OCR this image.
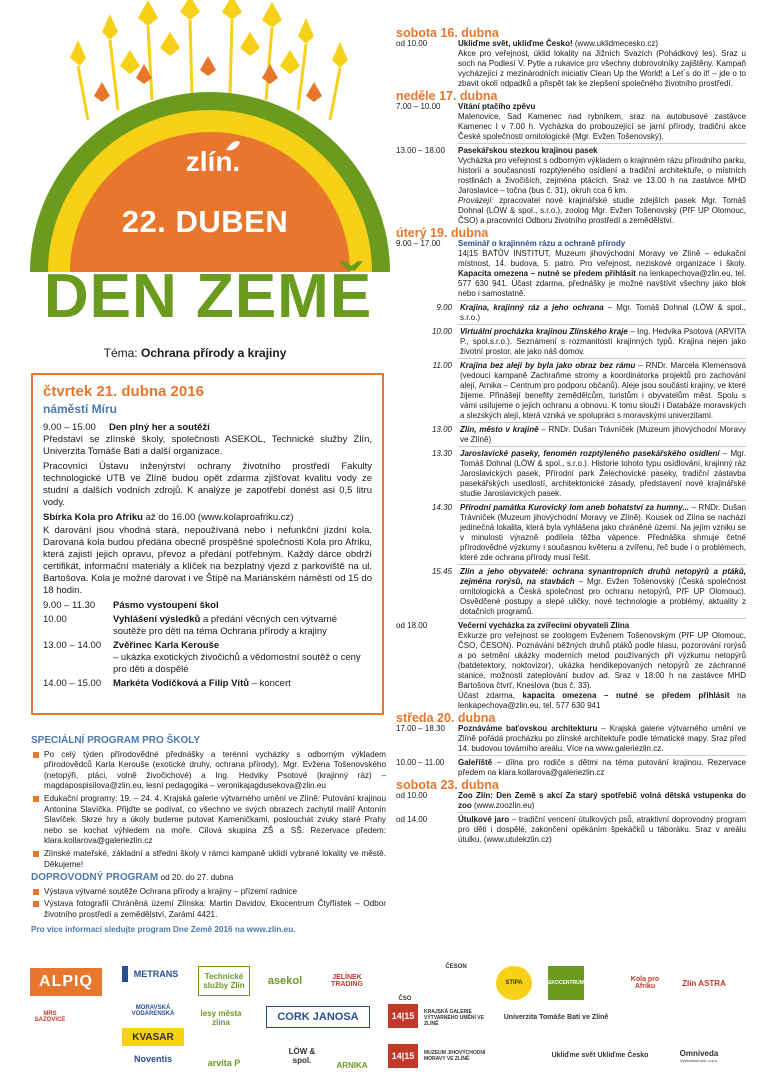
zlín.
22. DUBEN
DEN ZEMĚ
Téma: Ochrana přírody a krajiny
čtvrtek 21. dubna 2016
náměstí Míru
9.00 – 15.00	Den plný her a soutěží

Představí se zlínské školy, společnosti ASEKOL, Technické služby Zlín, Univerzita Tomáše Bati a další organizace.

Pracovníci Ústavu inženýrství ochrany životního prostředí Fakulty technologické UTB ve Zlíně budou opět zdarma zjišťovat kvalitu vody ze studní a dalších vodních zdrojů. K analýze je zapotřebí donést asi 0,5 litru vody.

Sbírka Kola pro Afriku až do 16.00 (www.kolaproafriku.cz)

K darování jsou vhodná stará, nepoužívaná nebo i nefunkční jízdní kola. Darovaná kola budou předána obecně prospěšné společnosti Kola pro Afriku, která zajistí jejich opravu, převoz a předání potřebným. Každý dárce obdrží certifikát, informační materiály a klíček na bezplatný vjezd z parkoviště na ul. Bartošova. Kola je možné darovat i ve Štípě na Mariánském náměstí od 15 do 18 hodin.

9.00 – 11.30	Pásmo vystoupení škol
10.00	Vyhlášení výsledků a předání věcných cen výtvarné soutěže pro děti na téma Ochrana přírody a krajiny
13.00 – 14.00	Zvěřinec Karla Kerouše
– ukázka exotických živočichů a vědomostní soutěž o ceny pro děti a dospělé
14.00 – 15.00	Markéta Vodičková a Filip Vítů – koncert
SPECIÁLNÍ PROGRAM PRO ŠKOLY
Po celý týden přírodovědné přednášky a terénní vycházky s odborným výkladem přírodovědců Karla Kerouše (exotické druhy, ochrana přírody), Mgr. Evžena Tošenovského (netopýři, ptáci, volně živočichové) a Ing. Hedviky Psotové (krajinný ráz) – magdapospisilova@zlin.eu, lesní pedagogika – veronikajagdusekova@zlin.eu
Edukační programy: 19. – 24. 4. Krajská galerie výtvarného umění ve Zlíně: Putování krajinou Antonína Slavíčka. Přijďte se podívat, co všechno ve svých obrazech zachytil malíř Antonín Slavíček. Skrze hry a úkoly budeme putovat Kameničkami, poslouchat zvuky staré Prahy nebo se kochat výhledem na moře. Cílová skupina ZŠ a SŠ. Rezervace předem: klara.kollarova@galeriezlin.cz
Zlínské mateřské, základní a střední školy v rámci kampaně uklidí vybrané lokality ve městě. Děkujeme!
DOPROVODNÝ PROGRAM od 20. do 27. dubna
Výstava výtvarné soutěže Ochrana přírody a krajiny – přízemí radnice
Výstava fotografií Chráněná území Zlínska: Martin Davidov, Ekocentrum Čtyřlístek – Odbor životního prostředí a zemědělství, Zarámí 4421.
Pro více informací sledujte program Dne Země 2016 na www.zlin.eu.
sobota 16. dubna
od 10.00	Ukliďme svět, ukliďme Česko! (www.uklidmecesko.cz)
Akce pro veřejnost, úklid lokality na Jižních Svazích (Pohádkový les). Sraz u soch na Podlesí V. Pytle a rukavice pro všechny dobrovolníky zajištěny. Kampaň vycházející z mezinárodních iniciativ Clean Up the World! a Let´s do it! – jde o to zbavit okolí odpadků a přispět tak ke zlepšení společného životního prostředí.
neděle 17. dubna
7.00 – 10.00	Vítání ptačího zpěvu
Malenovice, Sad Kamenec nad rybníkem, sraz na autobusové zastávce Kamenec I v 7.00 h. Vycházka do probouzející se jarní přírody, tradiční akce České společnosti ornitologické (Mgr. Evžen Tošenovský).
13.00 – 18.00	Pasekářskou stezkou krajinou pasek
Vycházka pro veřejnost s odborným výkladem o krajinném rázu přírodního parku, historii a současnosti rozptýleného osídlení a tradiční architektuře, o místních rostlinách a živočiších, zejména ptácích. Sraz ve 13.00 h na zastávce MHD Jaroslavice – točna (bus č. 31), okruh cca 6 km.
Provázejí: zpracovatel nové krajinářské studie zdejších pasek Mgr. Tomáš Dohnal (LÖW & spol., s.r.o.), zoolog Mgr. Evžen Tošenovský (PřF UP Olomouc, ČSO) a pracovníci Odboru životního prostředí a zemědělství.
úterý 19. dubna
9.00 – 17.00	Seminář o krajinném rázu a ochraně přírody
14|15 BAŤŮV INSTITUT, Muzeum jihovýchodní Moravy ve Zlíně – edukační místnost, 14. budova, 5. patro. Pro veřejnost, neziskové organizace i školy. Kapacita omezena – nutné se předem přihlásit na lenkapechova@zlin.eu, tel. 577 630 941. Účast zdarma, přednášky je možné navštívit všechny jako blok nebo i samostatně.
9.00	Krajina, krajinný ráz a jeho ochrana – Mgr. Tomáš Dohnal (LÖW & spol., s.r.o.)
10.00	Virtuální procházka krajinou Zlínského kraje – Ing. Hedvika Psotová (ARVITA P., spol.s.r.o.). Seznámení s rozmanitostí krajinných typů. Krajina nejen jako životní prostor, ale jako náš domov.
11.00	Krajina bez alejí by byla jako obraz bez rámu – RNDr. Marcela Klemensová (vedoucí kampaně Zachraňme stromy a koordinátorka projektů pro zachování alejí, Arnika – Centrum pro podporu občanů). Aleje jsou součástí krajiny, ve které žijeme. Přinášejí benefity zemědělcům, turistům i obyvatelům měst. Spolu s vámi usilujeme o jejich ochranu a obnovu. K tomu slouží i Databáze moravských a slezských alejí, která vzniká ve spolupráci s moravskými univerzitami.
13.00	Zlín, město v krajině – RNDr. Dušan Trávníček (Muzeum jihovýchodní Moravy ve Zlíně)
13.30	Jaroslavické paseky, fenomén rozptýleného pasekářského osídlení – Mgr. Tomáš Dohnal (LÖW & spol., s.r.o.). Historie tohoto typu osídlování, krajinný ráz Jaroslavických pasek, Přírodní park Želechovické paseky, tradiční zástavba pasekářských usedlostí, architektonické zásady, představení nové krajinářské studie Jaroslavických pasek.
14.30	Přírodní památka Kurovický lom aneb bohatství za humny... – RNDr. Dušan Trávníček (Muzeum jihovýchodní Moravy ve Zlíně). Kousek od Zlína se nachází jedinečná lokalita, která byla vyhlášena jako chráněné území. Na jejím vzniku se v minulosti výrazně podílela těžba vápence. Přednáška shrnuje četné přírodovědné výzkumy i současnou květenu a zvířenu, řeč bude i o problémech, které zde ochrana přírody musí řešit.
15.45	Zlín a jeho obyvatelé: ochrana synantropních druhů netopýrů a ptáků, zejména rorýsů, na stavbách – Mgr. Evžen Tošenovský (Česká společnost ornitologická a Česká společnost pro ochranu netopýrů, PřF UP Olomouc). Osvědčené postupy a slepé uličky, nové technologie a problémy, aktuality z dotačních programů.
od 18.00	Večerní vycházka za zvířecími obyvateli Zlína
Exkurze pro veřejnost se zoologem Evženem Tošenovským (PřF UP Olomouc, ČSO, ČESON). Poznávání běžných druhů ptáků podle hlasu, pozorování rorýsů a po setmění ukázky moderních metod používaných při výzkumu netopýrů (batdetektory, noktovizor), ukázka hendikepovaných netopýrů ze záchranné stanice, možnosti zateplování budov ad. Sraz v 18.00 h na zastávce MHD Bartošova čtvrť, Kneslova (bus č. 33).
Účast zdarma, kapacita omezena – nutné se předem přihlásit na lenkapechova@zlin.eu, tel. 577 630 941
středa 20. dubna
17.00 – 18.30	Poznáváme baťovskou architekturu – Krajská galerie výtvarného umění ve Zlíně pořádá procházku po zlínské architektuře podle tématické mapy. Sraz před 14. budovou továrního areálu. Více na www.galeriezlin.cz.
10.00 – 11.00	Galeříště – dílna pro rodiče s dětmi na téma putování krajinou. Rezervace předem na klara.kollarova@galeriezlin.cz
sobota 23. dubna
od 10.00	Zoo Zlín: Den Země s akcí Za starý spotřebič volná dětská vstupenka do zoo (www.zoozlin.eu)
od 14.00	Útulkové jaro – tradiční vencení útulkových psů, atraktivní doprovodný program pro děti i dospělé, zakončení opékáním špekáčků u táboráku. Sraz v areálu útulku. (www.utulekzlin.cz)
ALPIQ	METRANS	Technické služby Zlín	asekol	JELÍNEK TRADING
ČSO
ČESON
STIPA	EKOCENTRUM	Kola pro Afriku	Zlín ASTRA
MRS SAZOVICE
MORAVSKÁ VODÁRENSKÁ	lesy města zlína	CORK JANOSA	14|15	KRAJSKÁ GALERIE VÝTVARNÉHO UMĚNÍ VE ZLÍNĚ
Univerzita Tomáše Bati ve Zlíně
KVASAR
Noventis	arvita P
LÖW & spol.
ARNIKA
14|15	MUZEUM JIHOVÝCHODNÍ MORAVY VE ZLÍNĚ
Ukliďme svět Ukliďme Česko	Omniveda
Výzkumná ozn. o.p.s.
